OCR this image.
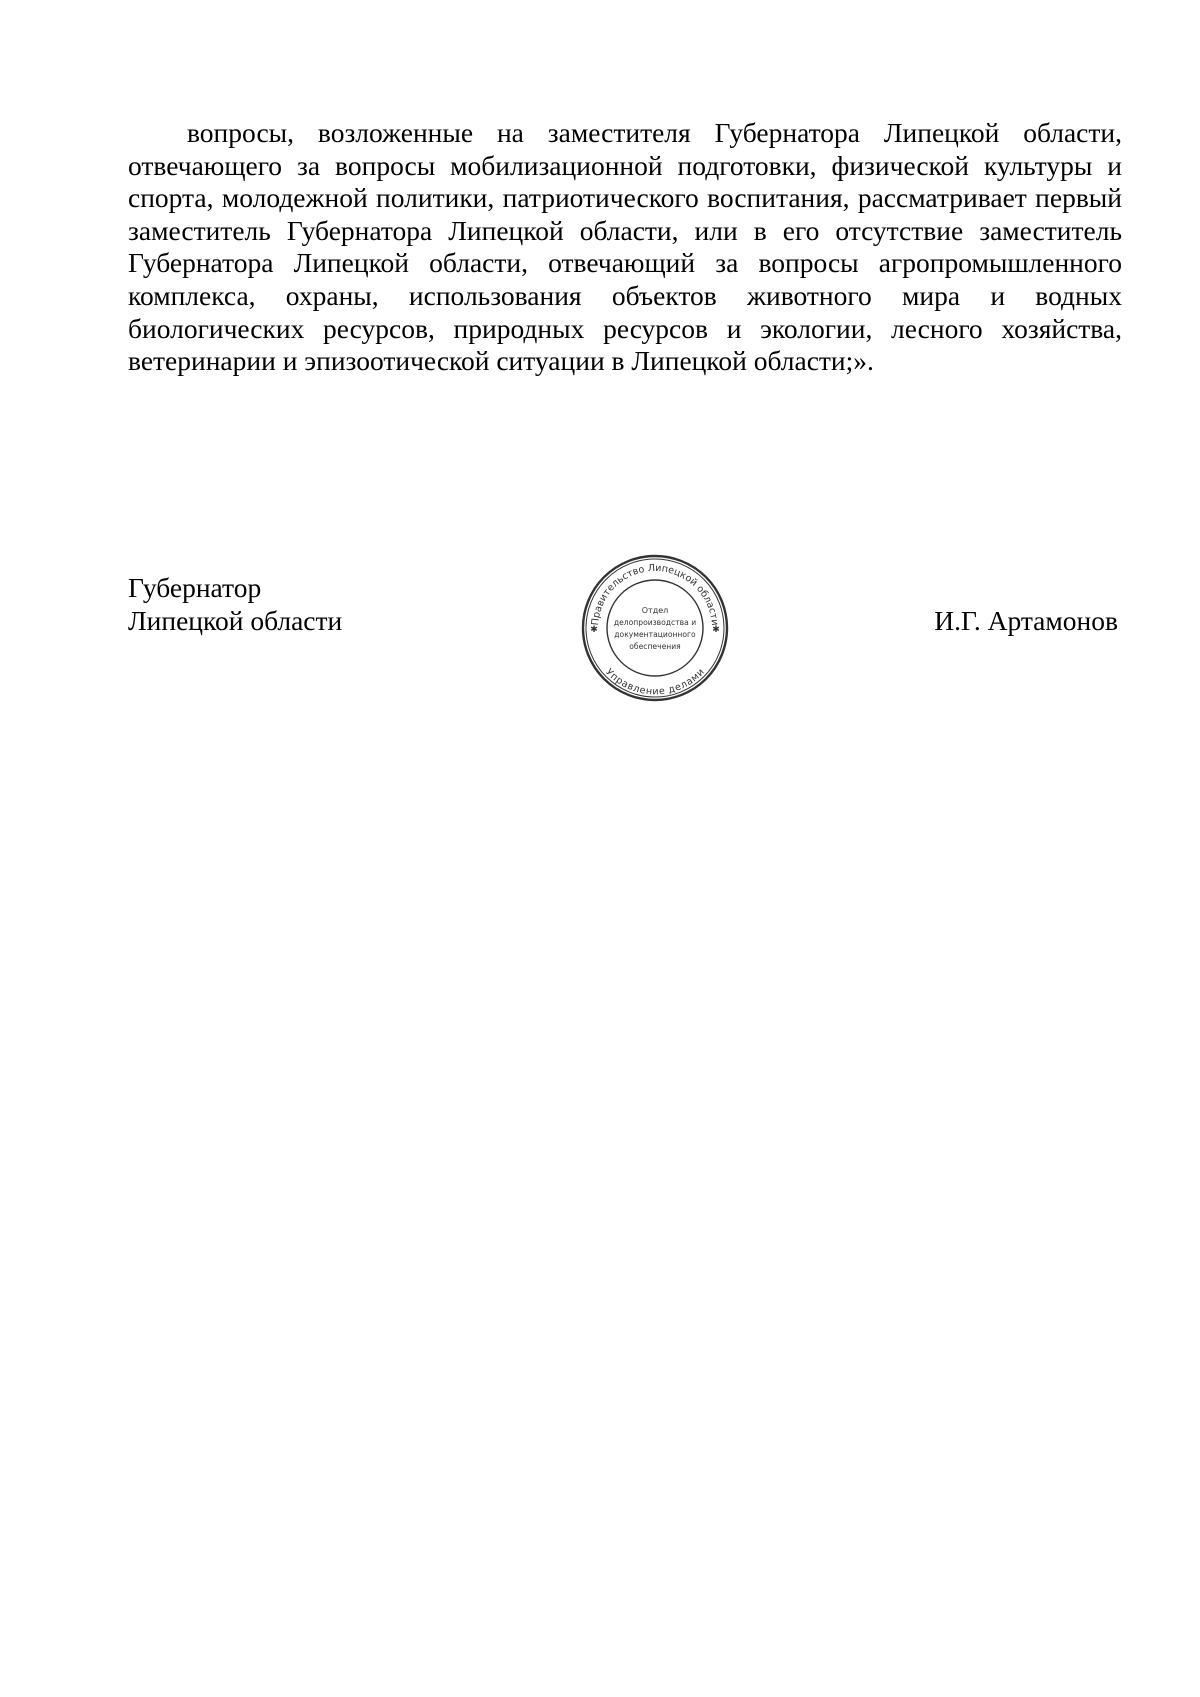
вопросы, возложенные на заместителя Губернатора Липецкой области, отвечающего за вопросы мобилизационной подготовки, физической культуры и спорта, молодежной политики, патриотического воспитания, рассматривает первый заместитель Губернатора Липецкой области, или в его отсутствие заместитель Губернатора Липецкой области, отвечающий за вопросы агропромышленного комплекса, охраны, использования объектов животного мира и водных биологических ресурсов, природных ресурсов и экологии, лесного хозяйства, ветеринарии и эпизоотической ситуации в Липецкой области;».

Губернатор
Липецкой области	Правительство Липецкой области
Управление делами
✱	✱
Отдел
делопроизводства и
документационного
обеспечения
И.Г. Артамонов
